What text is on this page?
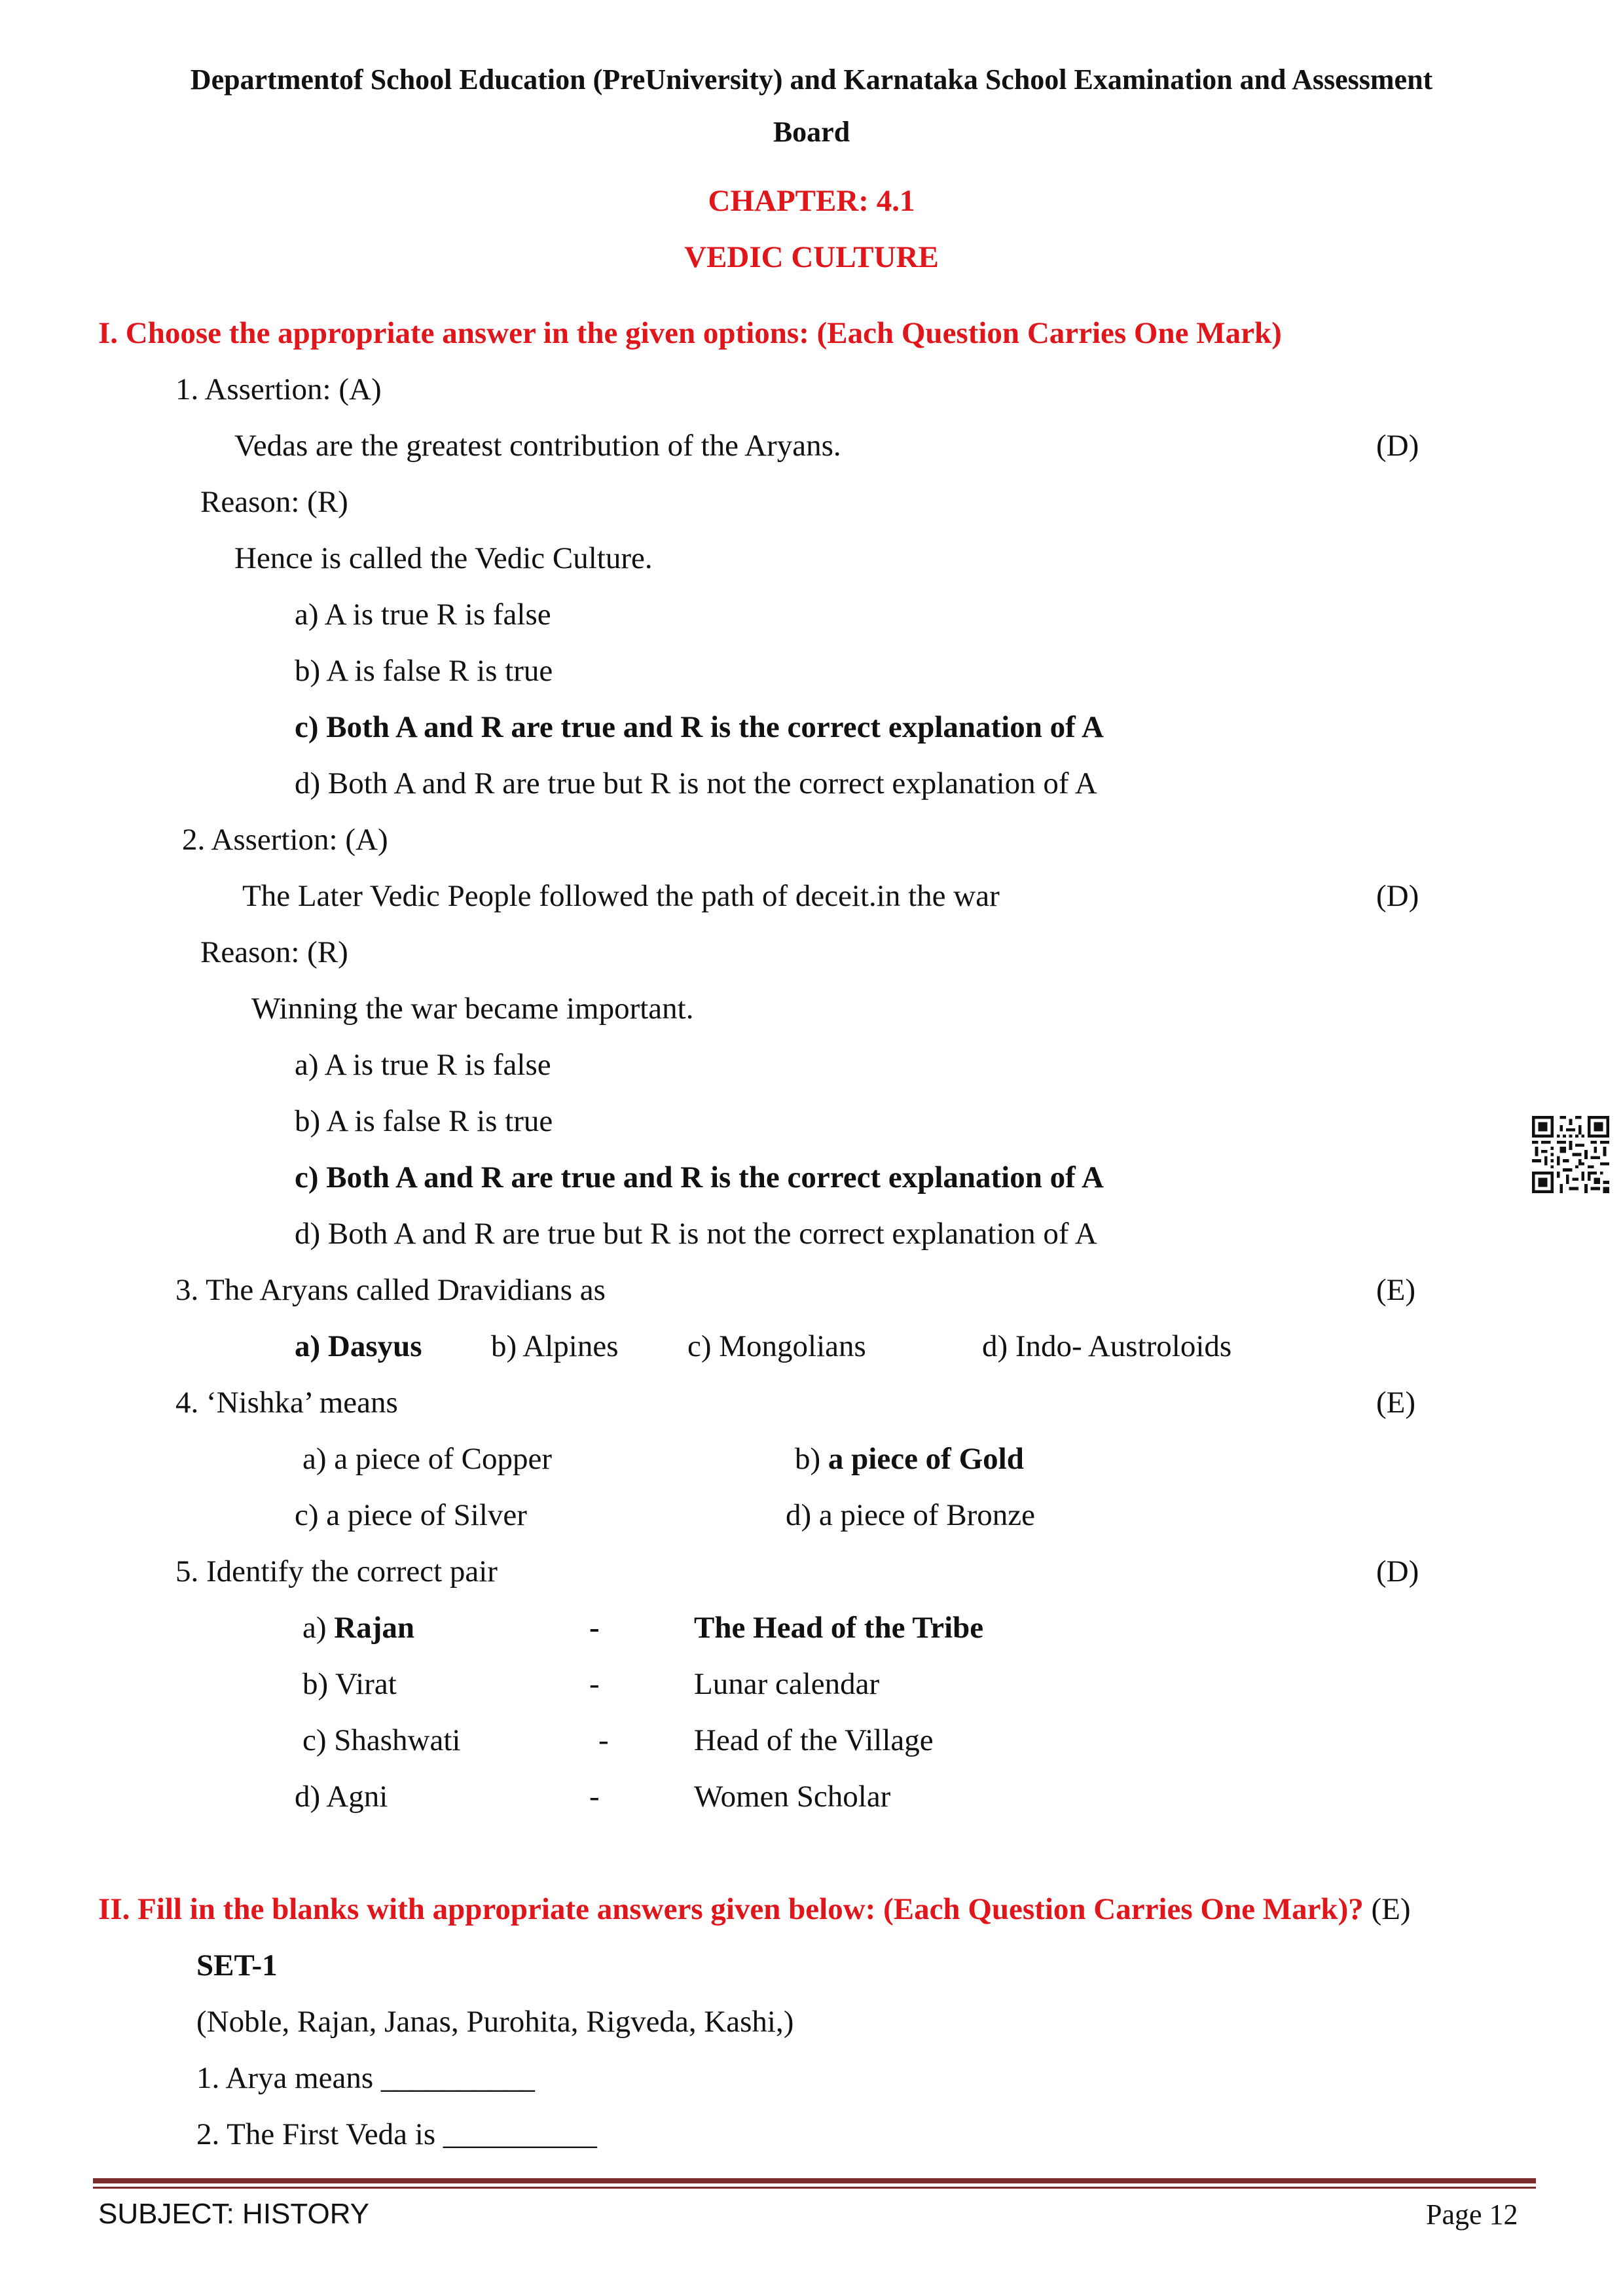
Departmentof School Education (PreUniversity) and Karnataka School Examination and Assessment
Board
CHAPTER: 4.1
VEDIC CULTURE
I. Choose the appropriate answer in the given options: (Each Question Carries One Mark)
1. Assertion: (A)
Vedas are the greatest contribution of the Aryans.	(D)
Reason: (R)
Hence is called the Vedic Culture.
a) A is true R is false
b) A is false R is true
c) Both A and R are true and R is the correct explanation of A
d) Both A and R are true but R is not the correct explanation of A
2. Assertion: (A)
The Later Vedic People followed the path of deceit.in the war	(D)
Reason: (R)
Winning the war became important.
a) A is true R is false
b) A is false R is true
c) Both A and R are true and R is the correct explanation of A
d) Both A and R are true but R is not the correct explanation of A
3. The Aryans called Dravidians as	(E)
a) Dasyus b) Alpines c) Mongolians	d) Indo- Austroloids
4. ‘Nishka’ means	(E)
a) a piece of Copper	b) a piece of Gold
c) a piece of Silver	d) a piece of Bronze
5. Identify the correct pair	(D)
a) Rajan	-	The Head of the Tribe
b) Virat	-	Lunar calendar
c) Shashwati	-	Head of the Village
d) Agni	-	Women Scholar
II. Fill in the blanks with appropriate answers given below: (Each Question Carries One Mark)? (E)
SET-1
(Noble, Rajan, Janas, Purohita, Rigveda, Kashi,)
1. Arya means __________
2. The First Veda is __________
SUBJECT: HISTORY	Page 12
